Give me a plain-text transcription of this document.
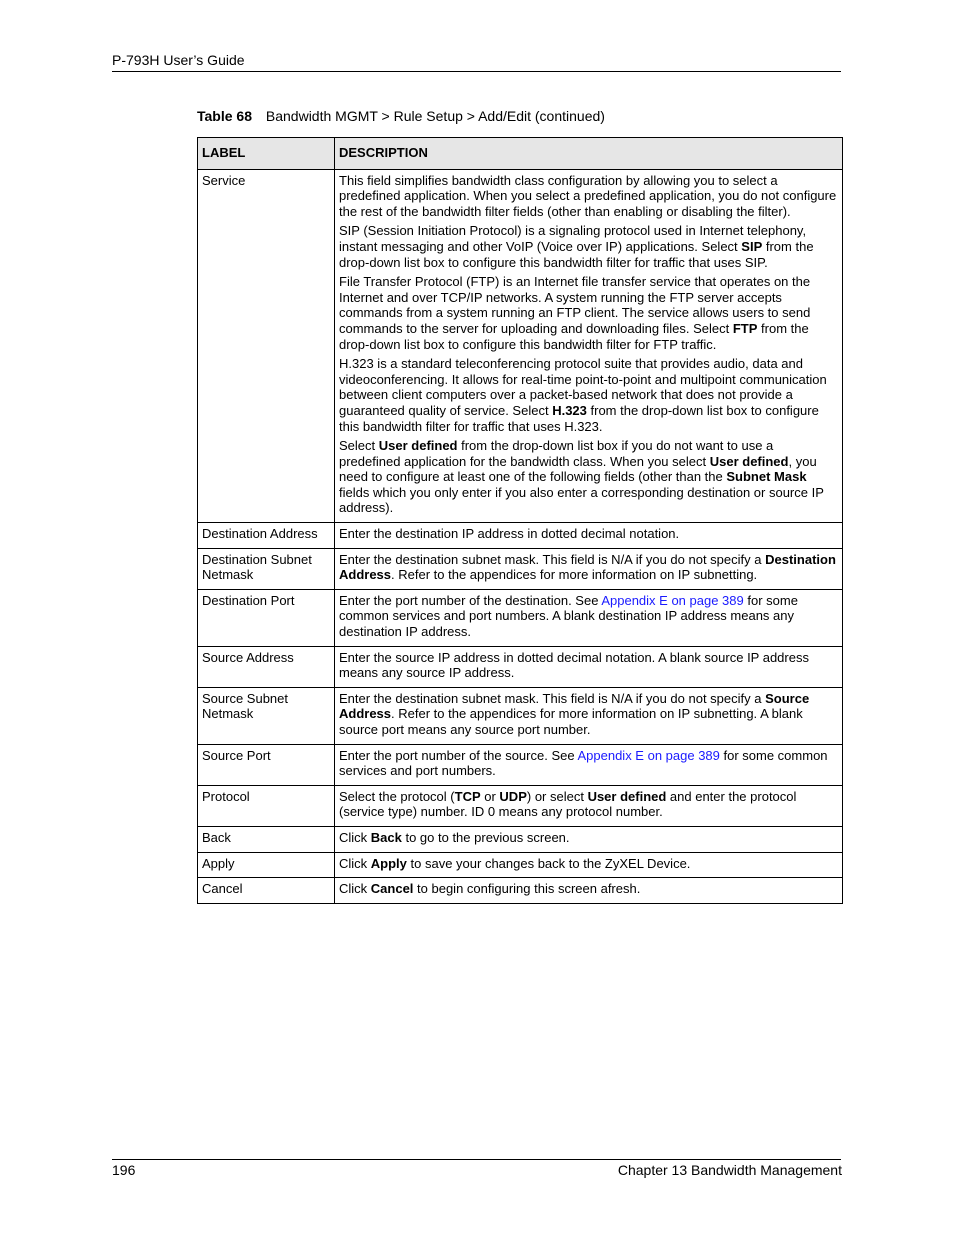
P-793H User’s Guide
Table 68 Bandwidth MGMT > Rule Setup > Add/Edit (continued)
LABEL	DESCRIPTION
Service	This field simplifies bandwidth class configuration by allowing you to select a predefined application. When you select a predefined application, you do not configure the rest of the bandwidth filter fields (other than enabling or disabling the filter).

SIP (Session Initiation Protocol) is a signaling protocol used in Internet telephony, instant messaging and other VoIP (Voice over IP) applications. Select SIP from the drop-down list box to configure this bandwidth filter for traffic that uses SIP.

File Transfer Protocol (FTP) is an Internet file transfer service that operates on the Internet and over TCP/IP networks. A system running the FTP server accepts commands from a system running an FTP client. The service allows users to send commands to the server for uploading and downloading files. Select FTP from the drop-down list box to configure this bandwidth filter for FTP traffic.

H.323 is a standard teleconferencing protocol suite that provides audio, data and videoconferencing. It allows for real-time point-to-point and multipoint communication between client computers over a packet-based network that does not provide a guaranteed quality of service. Select H.323 from the drop-down list box to configure this bandwidth filter for traffic that uses H.323.

Select User defined from the drop-down list box if you do not want to use a predefined application for the bandwidth class. When you select User defined, you need to configure at least one of the following fields (other than the Subnet Mask fields which you only enter if you also enter a corresponding destination or source IP address).

Destination Address	Enter the destination IP address in dotted decimal notation.
Destination Subnet Netmask	Enter the destination subnet mask. This field is N/A if you do not specify a Destination Address. Refer to the appendices for more information on IP subnetting.
Destination Port	Enter the port number of the destination. See Appendix E on page 389 for some common services and port numbers. A blank destination IP address means any destination IP address.
Source Address	Enter the source IP address in dotted decimal notation. A blank source IP address means any source IP address.
Source Subnet Netmask	Enter the destination subnet mask. This field is N/A if you do not specify a Source Address. Refer to the appendices for more information on IP subnetting. A blank source port means any source port number.
Source Port	Enter the port number of the source. See Appendix E on page 389 for some common services and port numbers.
Protocol	Select the protocol (TCP or UDP) or select User defined and enter the protocol (service type) number. ID 0 means any protocol number.
Back	Click Back to go to the previous screen.
Apply	Click Apply to save your changes back to the ZyXEL Device.
Cancel	Click Cancel to begin configuring this screen afresh.
196	Chapter 13 Bandwidth Management
